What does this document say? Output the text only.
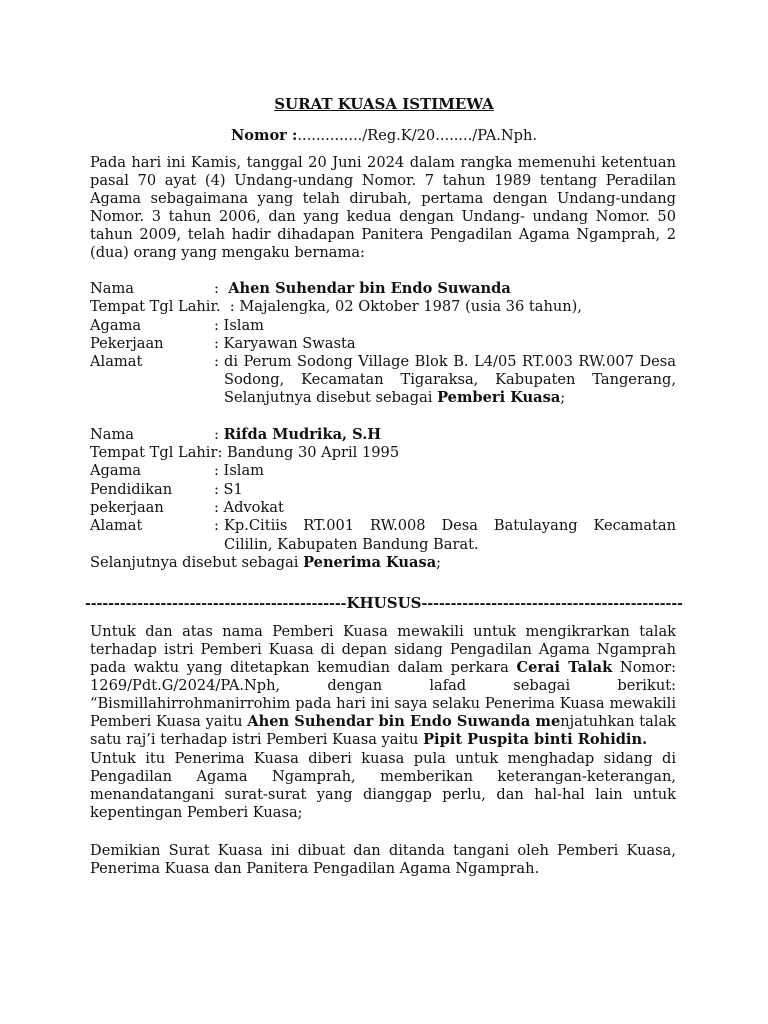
SURAT KUASA ISTIMEWA
Nomor :............../Reg.K/20......../PA.Nph.
Pada hari ini Kamis, tanggal 20 Juni 2024 dalam rangka memenuhi ketentuan pasal 70 ayat (4) Undang-undang Nomor. 7 tahun 1989 tentang Peradilan Agama sebagaimana yang telah dirubah, pertama dengan Undang-undang Nomor. 3 tahun 2006, dan yang kedua dengan Undang- undang Nomor. 50 tahun 2009, telah hadir dihadapan Panitera Pengadilan Agama Ngamprah, 2 (dua) orang yang mengaku bernama:
Nama	: Ahen Suhendar bin Endo Suwanda
Tempat Tgl Lahir. : Majalengka, 02 Oktober 1987 (usia 36 tahun),
Agama	: Islam
Pekerjaan	: Karyawan Swasta
Alamat	: di Perum Sodong Village Blok B. L4/05 RT.003 RW.007 Desa Sodong, Kecamatan Tigaraksa, Kabupaten Tangerang, Selanjutnya disebut sebagai Pemberi Kuasa;
Nama	: Rifda Mudrika, S.H
Tempat Tgl Lahir: Bandung 30 April 1995
Agama	: Islam
Pendidikan	: S1
pekerjaan	: Advokat
Alamat	: Kp.Citiis RT.001 RW.008 Desa Batulayang Kecamatan
Cililin, Kabupaten Bandung Barat.
Selanjutnya disebut sebagai Penerima Kuasa;
---------------------------------------------KHUSUS---------------------------------------------
Untuk dan atas nama Pemberi Kuasa mewakili untuk mengikrarkan talak terhadap istri Pemberi Kuasa di depan sidang Pengadilan Agama Ngamprah pada waktu yang ditetapkan kemudian dalam perkara Cerai Talak Nomor: 1269/Pdt.G/2024/PA.Nph, dengan lafad sebagai berikut: “Bismillahirrohmanirrohim pada hari ini saya selaku Penerima Kuasa mewakili Pemberi Kuasa yaitu Ahen Suhendar bin Endo Suwanda menjatuhkan talak satu raj’i terhadap istri Pemberi Kuasa yaitu Pipit Puspita binti Rohidin.
Untuk itu Penerima Kuasa diberi kuasa pula untuk menghadap sidang di Pengadilan Agama Ngamprah, memberikan keterangan-keterangan, menandatangani surat-surat yang dianggap perlu, dan hal-hal lain untuk kepentingan Pemberi Kuasa;
Demikian Surat Kuasa ini dibuat dan ditanda tangani oleh Pemberi Kuasa, Penerima Kuasa dan Panitera Pengadilan Agama Ngamprah.
